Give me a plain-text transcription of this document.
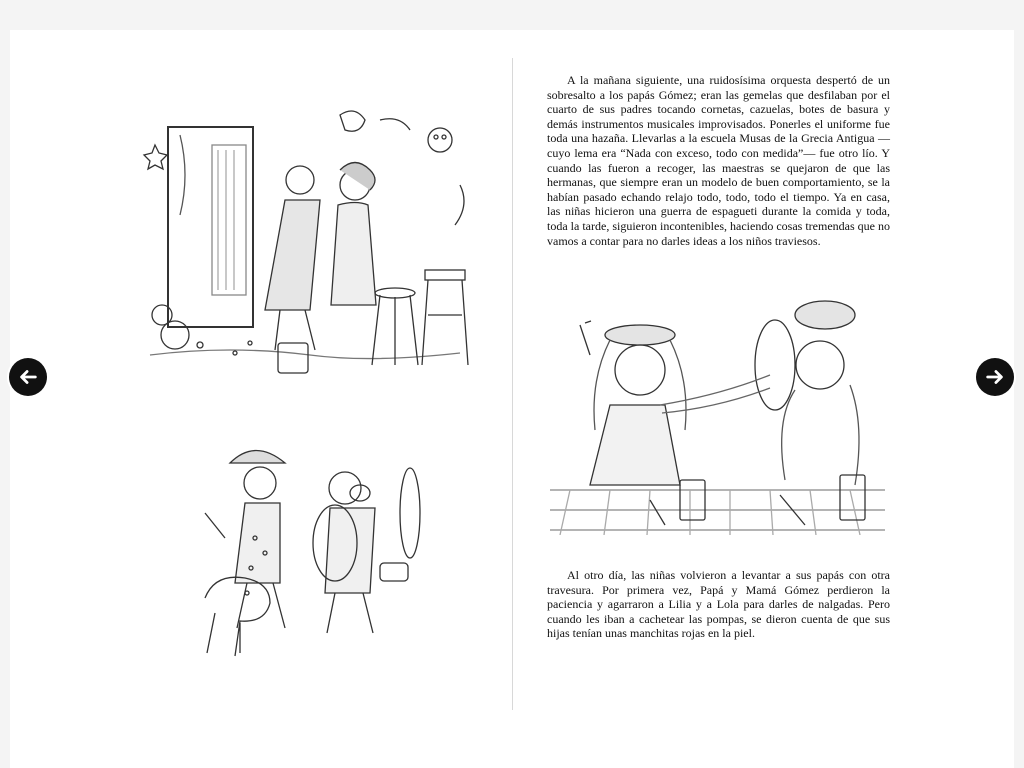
A la mañana siguiente, una ruidosísima orquesta despertó de un sobresalto a los papás Gómez; eran las gemelas que desfilaban por el cuarto de sus padres tocando cornetas, cazuelas, botes de basura y demás instrumentos musicales improvisados. Ponerles el uniforme fue toda una hazaña. Llevarlas a la escuela Musas de la Grecia Antigua —cuyo lema era “Nada con exceso, todo con medida”— fue otro lío. Y cuando las fueron a recoger, las maestras se quejaron de que las hermanas, que siempre eran un modelo de buen comportamiento, se la habían pasado echando relajo todo, todo, todo el tiempo. Ya en casa, las niñas hicieron una guerra de espagueti durante la comida y toda, toda la tarde, siguieron incontenibles, haciendo cosas tremendas que no vamos a contar para no darles ideas a los niños traviesos.

Al otro día, las niñas volvieron a levantar a sus papás con otra travesura. Por primera vez, Papá y Mamá Gómez perdieron la paciencia y agarraron a Lilia y a Lola para darles de nalgadas. Pero cuando les iban a cachetear las pompas, se dieron cuenta de que sus hijas tenían unas manchitas rojas en la piel.
